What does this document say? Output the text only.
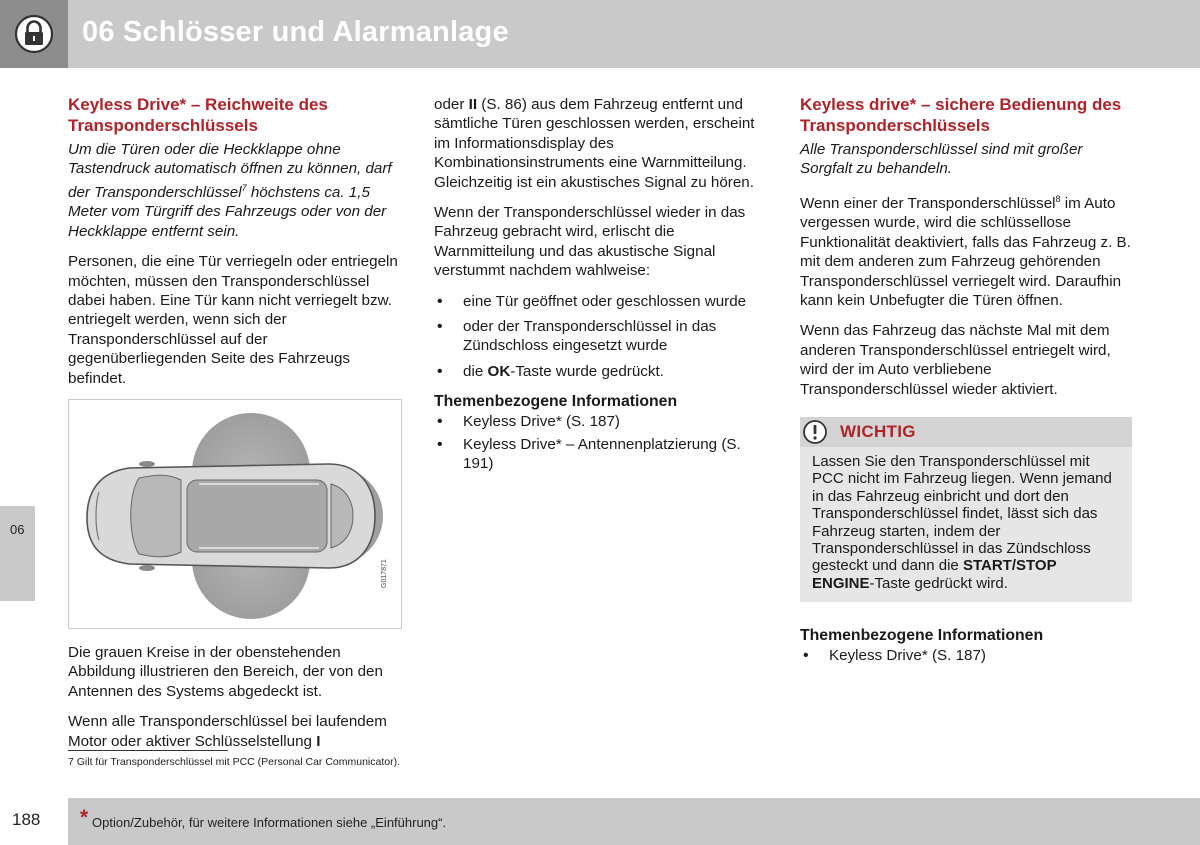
06 Schlösser und Alarmanlage
06
Keyless Drive* – Reichweite des Transponderschlüssels

Um die Türen oder die Heckklappe ohne Tastendruck automatisch öffnen zu können, darf der Transponderschlüssel$^7$ höchstens ca. 1,5 Meter vom Türgriff des Fahrzeugs oder von der Heckklappe entfernt sein.

Personen, die eine Tür verriegeln oder entriegeln möchten, müssen den Transponderschlüssel dabei haben. Eine Tür kann nicht verriegelt bzw. entriegelt werden, wenn sich der Transponderschlüssel auf der gegenüberliegenden Seite des Fahrzeugs befindet.

G017871

Die grauen Kreise in der obenstehenden Abbildung illustrieren den Bereich, der von den Antennen des Systems abgedeckt ist.

Wenn alle Transponderschlüssel bei laufendem Motor oder aktiver Schlüsselstellung I

oder II (S. 86) aus dem Fahrzeug entfernt und sämtliche Türen geschlossen werden, erscheint im Informationsdisplay des Kombinationsinstruments eine Warnmitteilung. Gleichzeitig ist ein akustisches Signal zu hören.

Wenn der Transponderschlüssel wieder in das Fahrzeug gebracht wird, erlischt die Warnmitteilung und das akustische Signal verstummt nachdem wahlweise:

• eine Tür geöffnet oder geschlossen wurde
• oder der Transponderschlüssel in das Zündschloss eingesetzt wurde
• die OK-Taste wurde gedrückt.
Themenbezogene Informationen
• Keyless Drive* (S. 187)
• Keyless Drive* – Antennenplatzierung (S. 191)
Keyless drive* – sichere Bedienung des Transponderschlüssels

Alle Transponderschlüssel sind mit großer Sorgfalt zu behandeln.

Wenn einer der Transponderschlüssel$^8$ im Auto vergessen wurde, wird die schlüssellose Funktionalität deaktiviert, falls das Fahrzeug z. B. mit dem anderen zum Fahrzeug gehörenden Transponderschlüssel verriegelt wird. Daraufhin kann kein Unbefugter die Türen öffnen.

Wenn das Fahrzeug das nächste Mal mit dem anderen Transponderschlüssel entriegelt wird, wird der im Auto verbliebene Transponderschlüssel wieder aktiviert.

WICHTIG
Lassen Sie den Transponderschlüssel mit PCC nicht im Fahrzeug liegen. Wenn jemand in das Fahrzeug einbricht und dort den Transponderschlüssel findet, lässt sich das Fahrzeug starten, indem der Transponderschlüssel in das Zündschloss gesteckt und dann die START/STOP ENGINE-Taste gedrückt wird.
Themenbezogene Informationen
• Keyless Drive* (S. 187)
7 Gilt für Transponderschlüssel mit PCC (Personal Car Communicator).
188 * Option/Zubehör, für weitere Informationen siehe „Einführung“.
